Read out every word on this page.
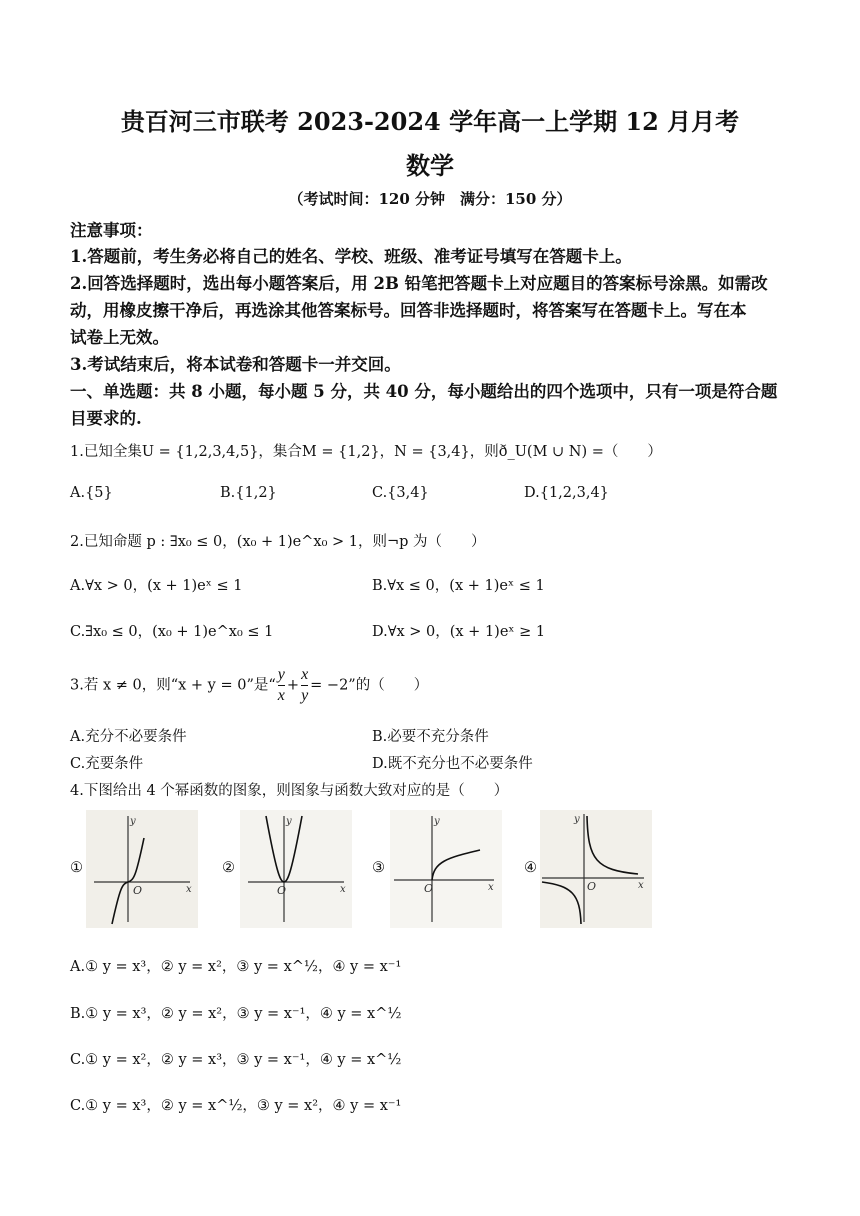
贵百河三市联考 2023-2024 学年高一上学期 12 月月考
数学
（考试时间：120 分钟　满分：150 分）
注意事项：
1.答题前，考生务必将自己的姓名、学校、班级、准考证号填写在答题卡上。
2.回答选择题时，选出每小题答案后，用 2B 铅笔把答题卡上对应题目的答案标号涂黑。如需改
动，用橡皮擦干净后，再选涂其他答案标号。回答非选择题时，将答案写在答题卡上。写在本
试卷上无效。
3.考试结束后，将本试卷和答题卡一并交回。
一、单选题：共 8 小题，每小题 5 分，共 40 分，每小题给出的四个选项中，只有一项是符合题
目要求的.
1.已知全集U = {1,2,3,4,5}，集合M = {1,2}，N = {3,4}，则ð_U(M ∪ N) =（　　）
A.{5}	B.{1,2}	C.{3,4}	D.{1,2,3,4}
2.已知命题 p : ∃x₀ ≤ 0，(x₀ + 1)e^x₀ > 1，则¬p 为（　　）
A.∀x > 0，(x + 1)eˣ ≤ 1	B.∀x ≤ 0，(x + 1)eˣ ≤ 1
C.∃x₀ ≤ 0，(x₀ + 1)e^x₀ ≤ 1	D.∀x > 0，(x + 1)eˣ ≥ 1
3.若 x ≠ 0，则“x + y = 0”是“ $\frac{y}{x} + \frac{x}{y} = -2$”的（　　）
A.充分不必要条件	B.必要不充分条件
C.充要条件	D.既不充分也不必要条件
4.下图给出 4 个幂函数的图象，则图象与函数大致对应的是（　　）
①	②	③	④
x
y
O	x
y
O	x
y
O	x
y
O
A.① y = x³，② y = x²，③ y = x^½，④ y = x⁻¹
B.① y = x³，② y = x²，③ y = x⁻¹，④ y = x^½
C.① y = x²，② y = x³，③ y = x⁻¹，④ y = x^½
C.① y = x³，② y = x^½，③ y = x²，④ y = x⁻¹
